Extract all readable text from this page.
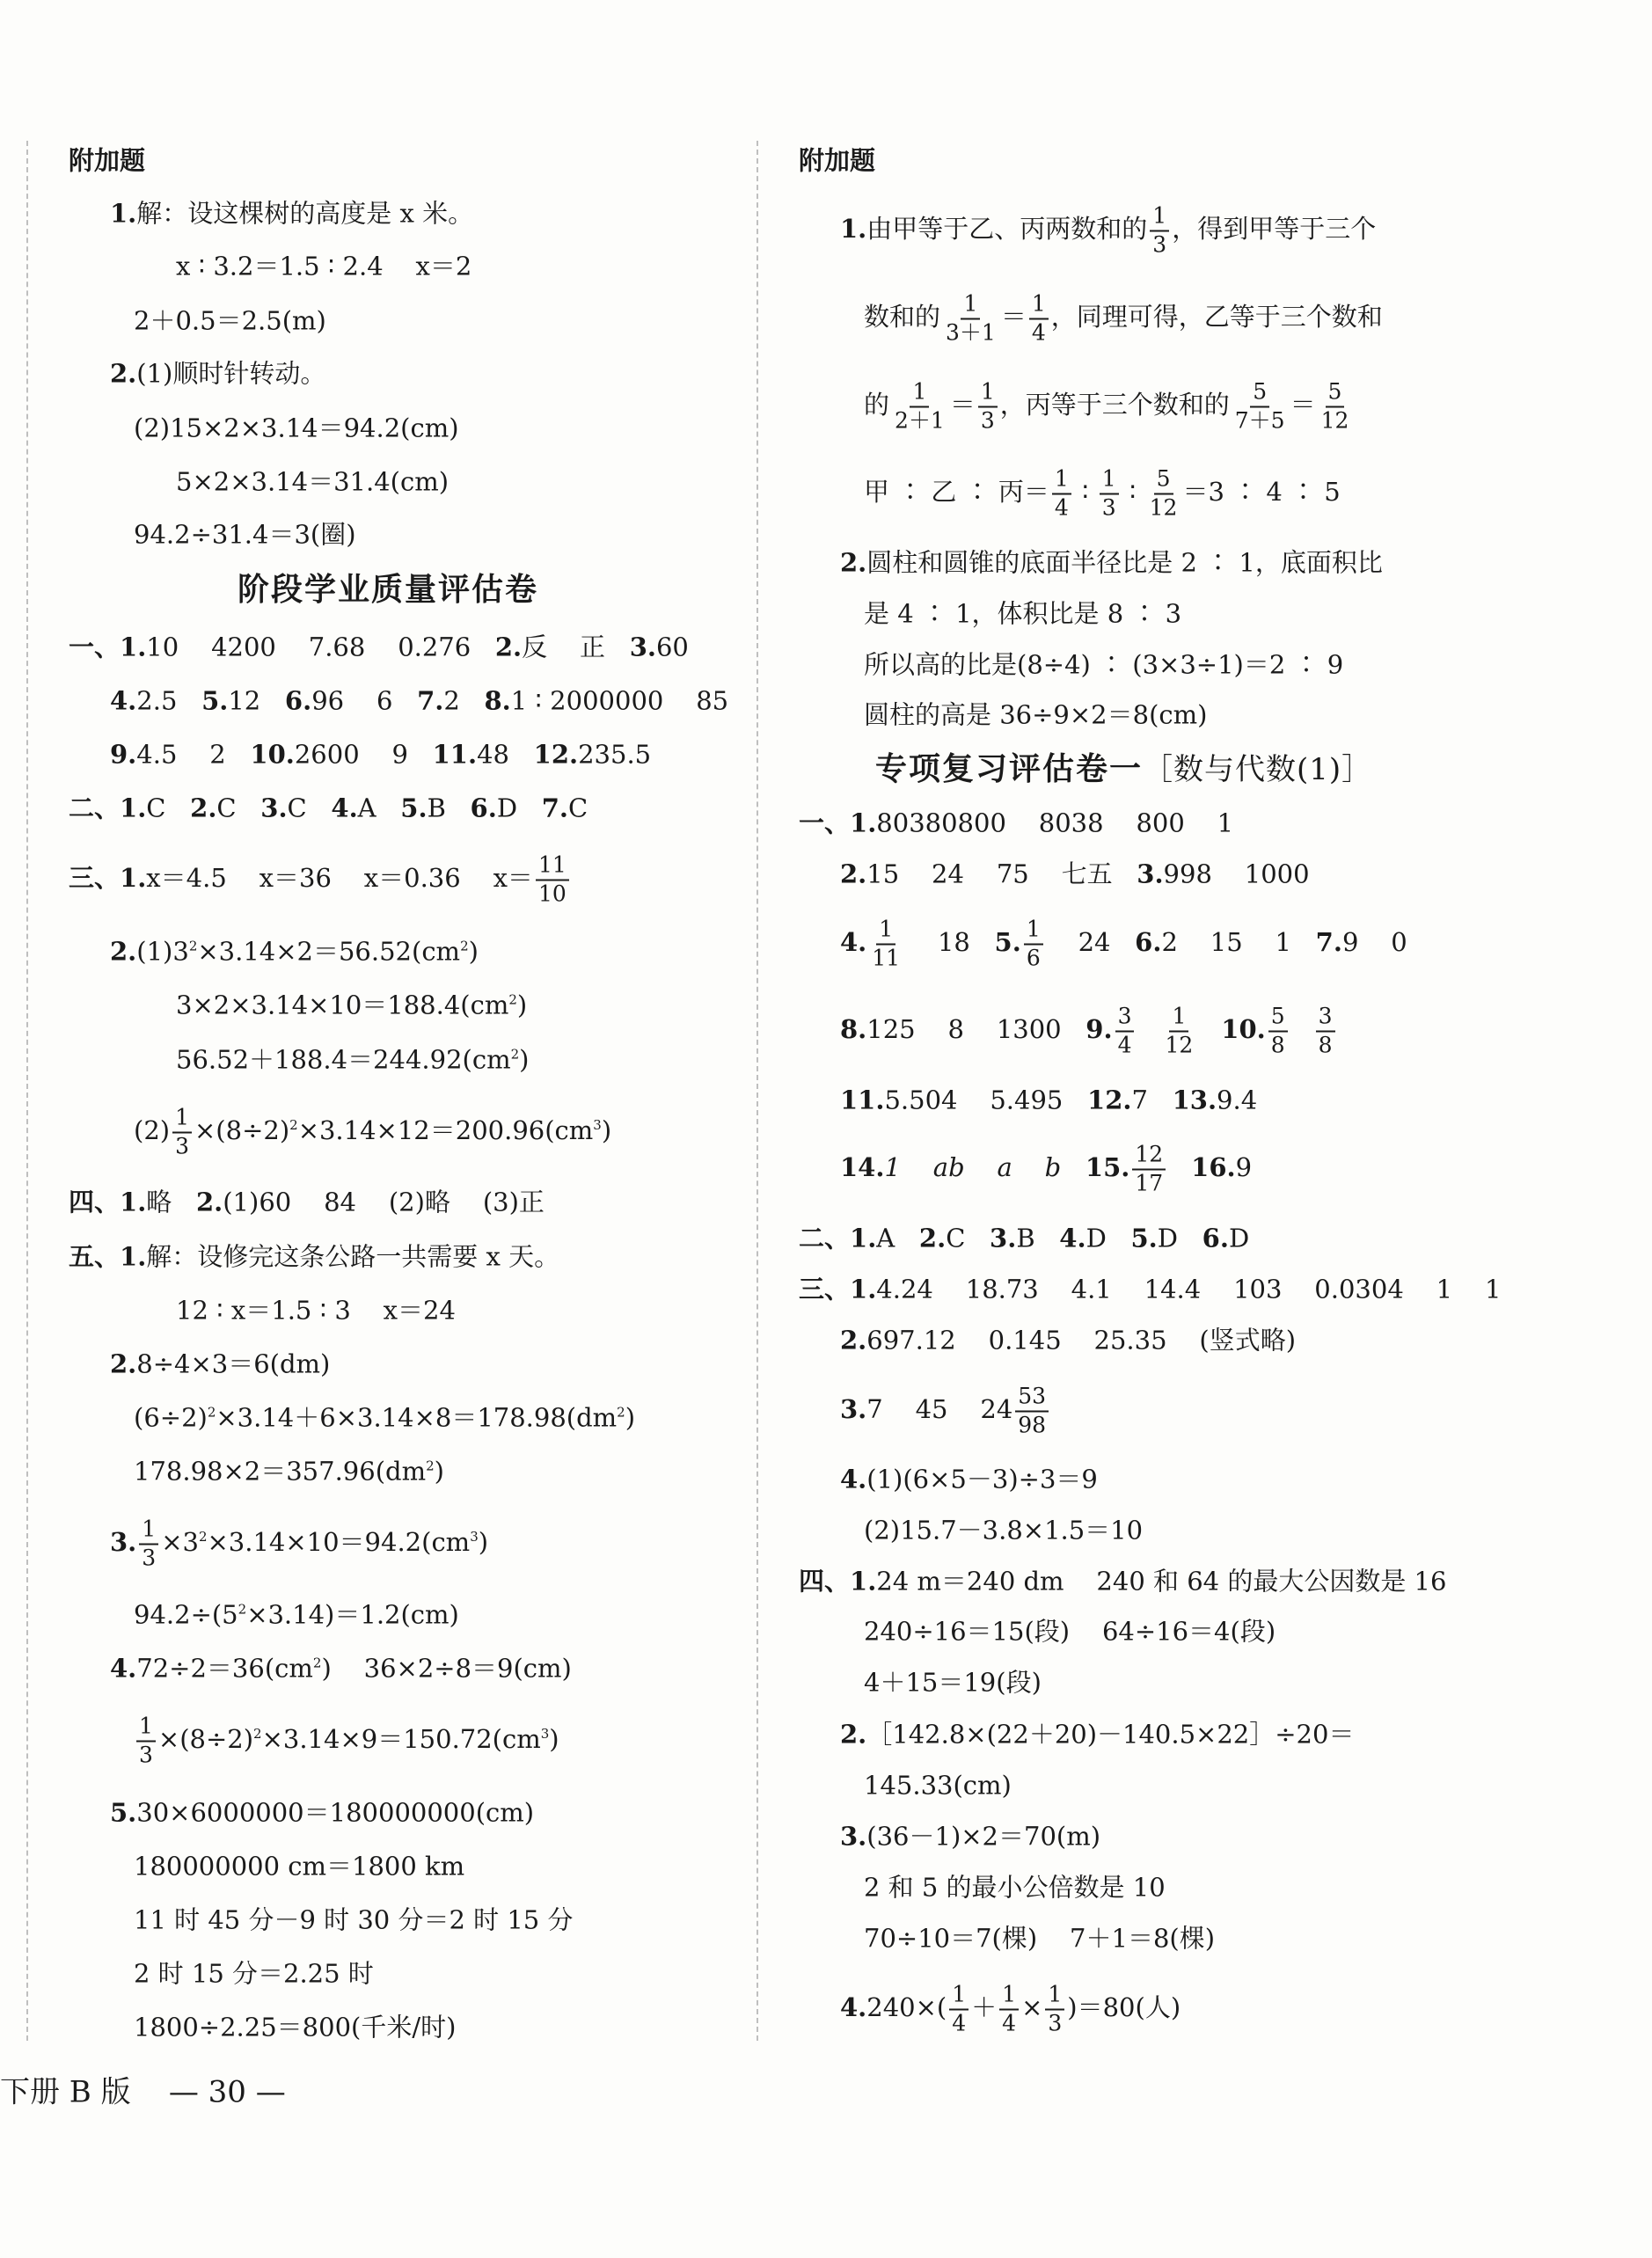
附加题
1.解：设这棵树的高度是 x 米。
x ∶ 3.2＝1.5 ∶ 2.4    x＝2
2＋0.5＝2.5(m)
2.(1)顺时针转动。
(2)15×2×3.14＝94.2(cm)
5×2×3.14＝31.4(cm)
94.2÷31.4＝3(圈)
阶段学业质量评估卷
一、1.10    4200    7.68    0.276   2.反    正   3.60
4.2.5   5.12   6.96    6   7.2   8.1 ∶ 2000000    85
9.4.5    2   10.2600    9   11.48   12.235.5
二、1.C   2.C   3.C   4.A   5.B   6.D   7.C
三、1.x＝4.5    x＝36    x＝0.36    $x= \frac{11}{10}$
$2.(1)3^2\times 3.14\times 2=56.52(cm^2)$
$3\times 2\times 3.14\times 10=188.4(cm^2)$
$56.52+188.4=244.92(cm^2)$
$(2) \frac{1}{3} \times(8\div 2)^2\times 3.14\times 12=200.96(cm^3)$
四、1.略   2.(1)60    84    (2)略    (3)正
五、1.解：设修完这条公路一共需要 x 天。
12 ∶ x＝1.5 ∶ 3    x＝24
2.8÷4×3＝6(dm)
$(6\div 2)^2\times 3.14+6\times 3.14\times 8=178.98(dm^2)$
$178.98\times 2=357.96(dm^2)$
3. $\frac{1}{3} \times 3^2\times 3.14\times 10=94.2(cm^3)$
$94.2\div(5^2\times 3.14)=1.2(cm)$
$4.72\div 2=36(cm^2)$    36×2÷8＝9(cm)
$\frac{1}{3} \times(8\div 2)^2\times 3.14\times 9=150.72(cm^3)$
5.30×6000000＝180000000(cm)
180000000 cm＝1800 km
11 时 45 分－9 时 30 分＝2 时 15 分
2 时 15 分＝2.25 时
1800÷2.25＝800(千米/时)
附加题
1.由甲等于乙、丙两数和的 $\frac{1}{3}$ ，得到甲等于三个
数和的 $\frac{1}{3+1} = \frac{1}{4}$ ，同理可得，乙等于三个数和
的 $\frac{1}{2+1} = \frac{1}{3}$ ，丙等于三个数和的 $\frac{5}{7+5} = \frac{5}{12}$
甲 ∶ 乙 ∶ 丙＝ $\frac{1}{4}$ ∶ $\frac{1}{3}$ ∶ $\frac{5}{12} =3$ ∶ 4 ∶ 5
2.圆柱和圆锥的底面半径比是 2 ∶ 1，底面积比
是 4 ∶ 1，体积比是 8 ∶ 3
所以高的比是(8÷4) ∶ (3×3÷1)＝2 ∶ 9
圆柱的高是 36÷9×2＝8(cm)
专项复习评估卷一［数与代数(1)］
一、1.80380800    8038    800    1
2.15    24    75    七五   3.998    1000
4. $\frac{1}{11} 18$   5. $\frac{1}{6} 24$   6.2    15    1   7.9    0
8.125    8    1300   9. $\frac{3}{4} \frac{1}{12} 10$. $\frac{5}{8} \frac{3}{8}$
11.5.504    5.495   12.7   13.9.4
14.1    ab    a    b   15. $\frac{12}{17} 16.9$
二、1.A   2.C   3.B   4.D   5.D   6.D
三、1.4.24    18.73    4.1    14.4    103    0.0304    1    1
2.697.12    0.145    25.35    (竖式略)
3.7    45    $24 \frac{53}{98}$
4.(1)(6×5－3)÷3＝9
(2)15.7－3.8×1.5＝10
四、1.24 m＝240 dm    240 和 64 的最大公因数是 16
240÷16＝15(段)    64÷16＝4(段)
4＋15＝19(段)
2.［142.8×(22＋20)－140.5×22］÷20＝
145.33(cm)
3.(36－1)×2＝70(m)
2 和 5 的最小公倍数是 10
70÷10＝7(棵)    7＋1＝8(棵)
$4.240\times( \frac{1}{4} + \frac{1}{4} \times \frac{1}{3} )=80$(人)
下册 B 版 — 30 —
